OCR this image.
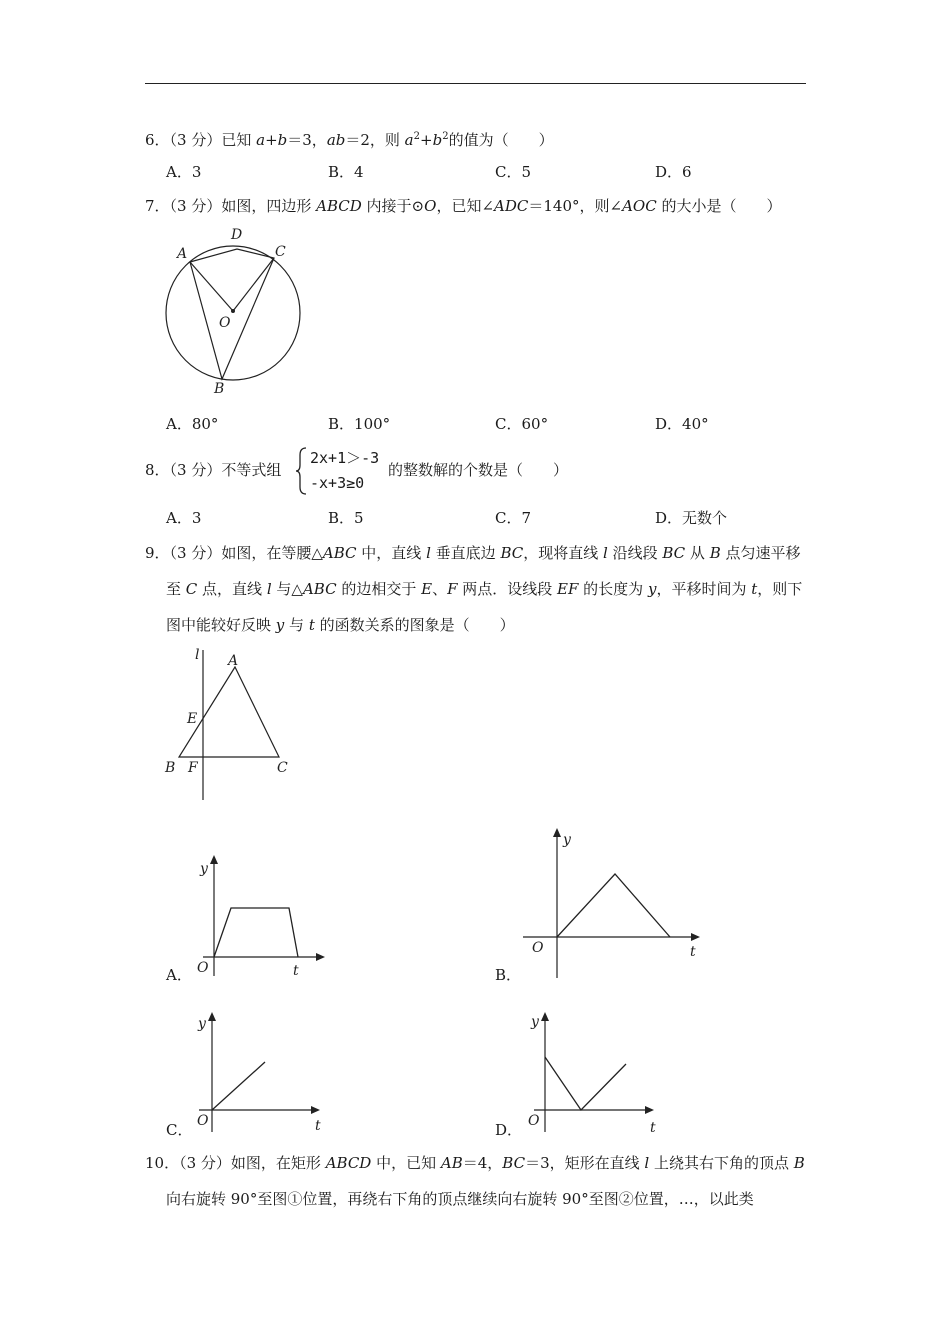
6．（3 分）已知 a+b＝3，ab＝2，则 $a^2+b^2$的值为（　　）
A．3	B．4	C．5	D．6
7．（3 分）如图，四边形 ABCD 内接于⊙O，已知∠ADC＝140°，则∠AOC 的大小是（　　）
A
D
C
O
B
A．80°	B．100°	C．60°	D．40°
8．（3 分）不等式组
2x+1＞-3
-x+3≥0
的整数解的个数是（　　）
A．3	B．5	C．7	D．无数个
9．（3 分）如图，在等腰△ABC 中，直线 l 垂直底边 BC，现将直线 l 沿线段 BC 从 B 点匀速平移
至 C 点，直线 l 与△ABC 的边相交于 E、F 两点．设线段 EF 的长度为 y，平移时间为 t，则下
图中能较好反映 y 与 t 的函数关系的图象是（　　）
l A
E
B F	C
y
O	t
A．
y
O	t
B．
y
O	t
C．
y
O	t
D．
10．（3 分）如图，在矩形 ABCD 中，已知 AB＝4，BC＝3，矩形在直线 l 上绕其右下角的顶点 B
向右旋转 90°至图①位置，再绕右下角的顶点继续向右旋转 90°至图②位置，…，以此类
